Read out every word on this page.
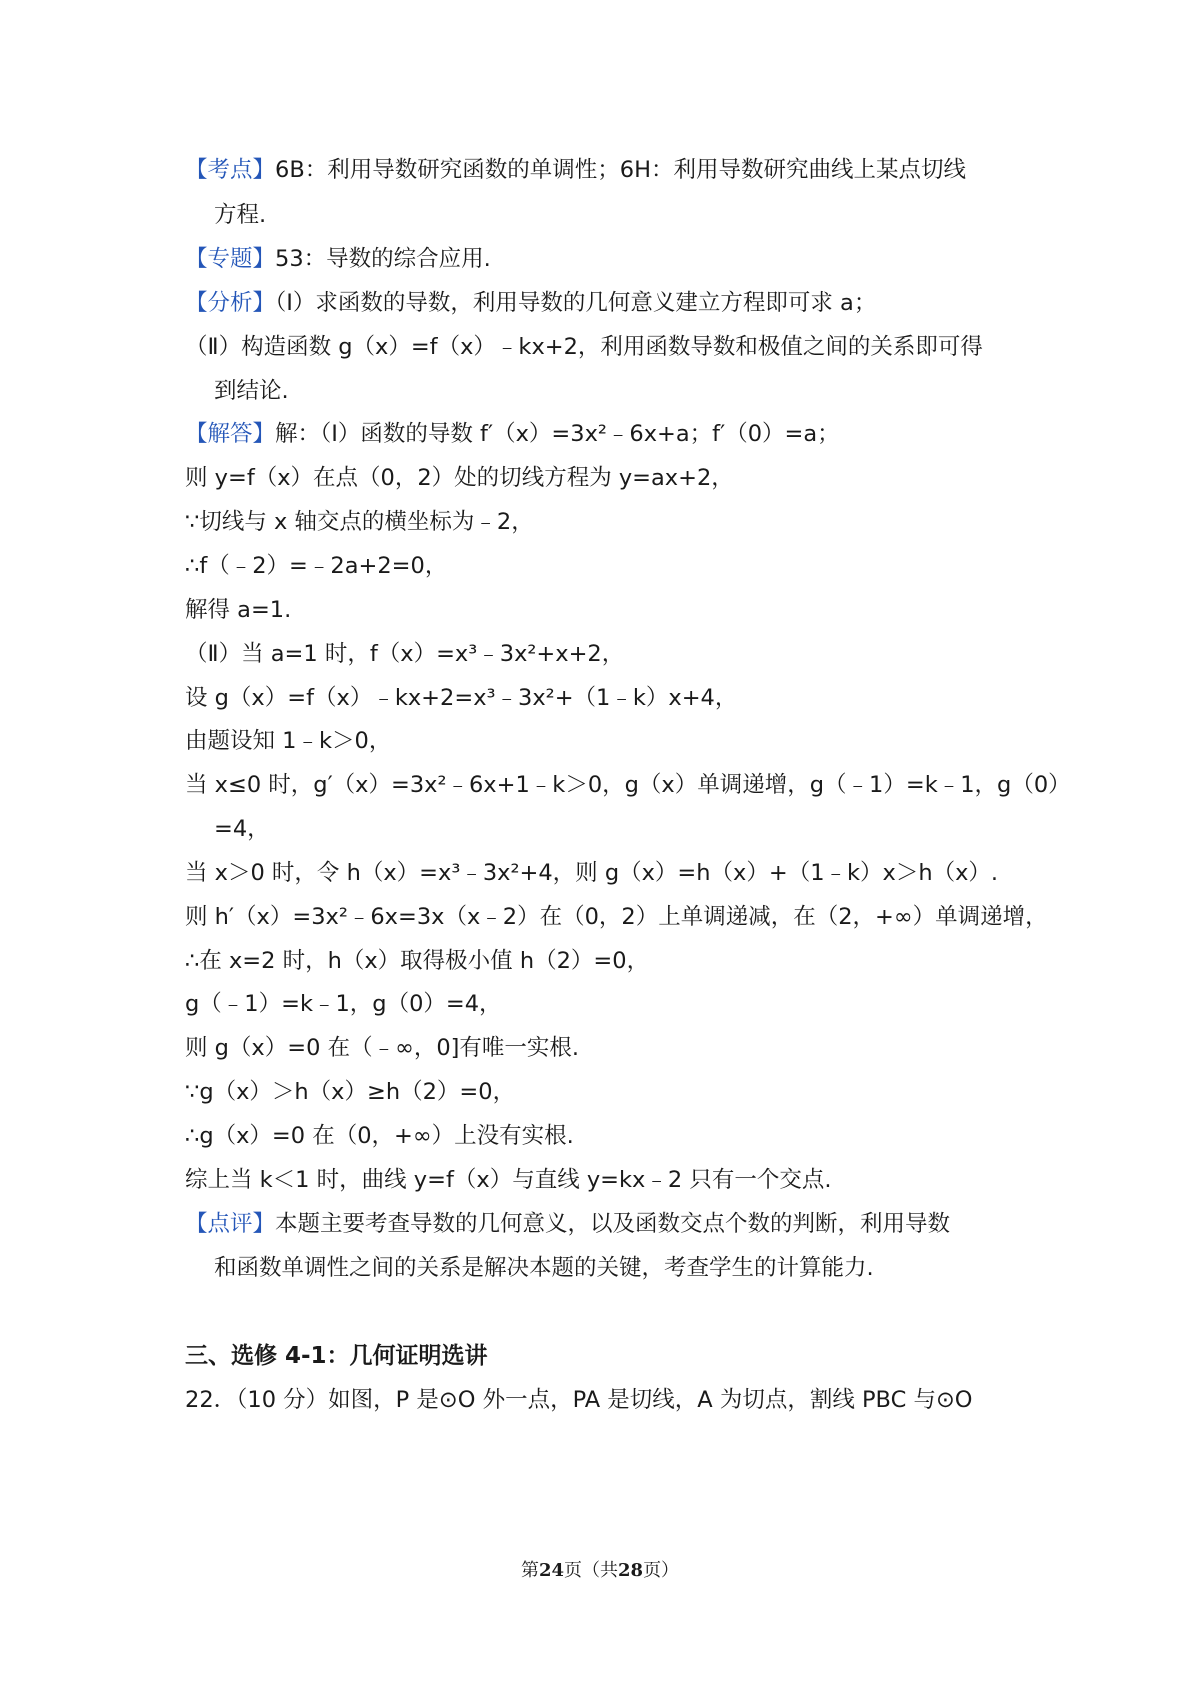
【考点】6B：利用导数研究函数的单调性；6H：利用导数研究曲线上某点切线
方程.
【专题】53：导数的综合应用.
【分析】（Ⅰ）求函数的导数，利用导数的几何意义建立方程即可求 a；
（Ⅱ）构造函数 g（x）=f（x）﹣kx+2，利用函数导数和极值之间的关系即可得
到结论.
【解答】解：（Ⅰ）函数的导数 f′（x）=3x²﹣6x+a；f′（0）=a；
则 y=f（x）在点（0，2）处的切线方程为 y=ax+2，
∵切线与 x 轴交点的横坐标为﹣2，
∴f（﹣2）=﹣2a+2=0，
解得 a=1.
（Ⅱ）当 a=1 时，f（x）=x³﹣3x²+x+2，
设 g（x）=f（x）﹣kx+2=x³﹣3x²+（1﹣k）x+4，
由题设知 1﹣k＞0，
当 x≤0 时，g′（x）=3x²﹣6x+1﹣k＞0，g（x）单调递增，g（﹣1）=k﹣1，g（0）
=4，
当 x＞0 时，令 h（x）=x³﹣3x²+4，则 g（x）=h（x）+（1﹣k）x＞h（x）.
则 h′（x）=3x²﹣6x=3x（x﹣2）在（0，2）上单调递减，在（2，+∞）单调递增，
∴在 x=2 时，h（x）取得极小值 h（2）=0，
g（﹣1）=k﹣1，g（0）=4，
则 g（x）=0 在（﹣∞，0]有唯一实根.
∵g（x）＞h（x）≥h（2）=0，
∴g（x）=0 在（0，+∞）上没有实根.
综上当 k＜1 时，曲线 y=f（x）与直线 y=kx﹣2 只有一个交点.
【点评】本题主要考查导数的几何意义，以及函数交点个数的判断，利用导数
和函数单调性之间的关系是解决本题的关键，考查学生的计算能力.
三、选修 4-1：几何证明选讲
22．（10 分）如图，P 是⊙O 外一点，PA 是切线，A 为切点，割线 PBC 与⊙O
第24页（共28页）
